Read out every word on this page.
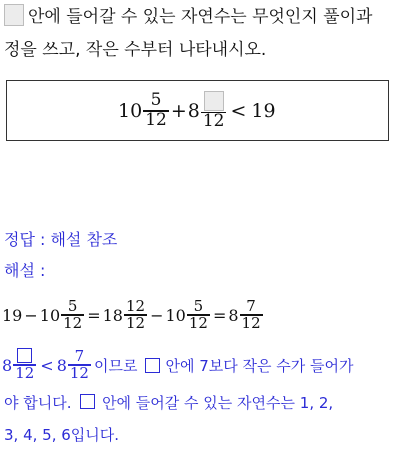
안에 들어갈 수 있는 자연수는 무엇인지 풀이과
정을 쓰고, 작은 수부터 나타내시오.
$10 \frac{5}{12} + 8$ 12 < 19
정답 : 해설 참조
해설 :
$19 - 10 \frac{5}{12} = 18 \frac{12}{12} - 10 \frac{5}{12} = 8 \frac{7}{12}$
8 $12 < 8 \frac{7}{12}$ 이므로 안에 7보다 작은 수가 들어가
야 합니다. 안에 들어갈 수 있는 자연수는 1, 2,
3, 4, 5, 6입니다.
